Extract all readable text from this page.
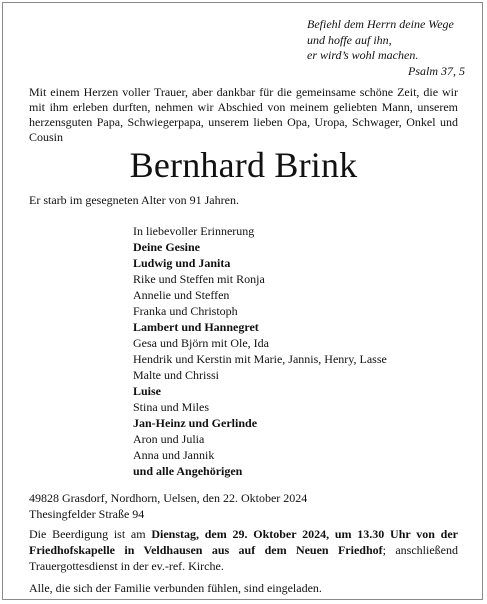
Befiehl dem Herrn deine Wege
und hoffe auf ihn,
er wird’s wohl machen.
Psalm 37, 5
Mit einem Herzen voller Trauer, aber dankbar für die gemeinsame schöne Zeit, die wir mit ihm erleben durften, nehmen wir Abschied von meinem geliebten Mann, unserem herzensguten Papa, Schwiegerpapa, unserem lieben Opa, Uropa, Schwager, Onkel und Cousin
Bernhard Brink
Er starb im gesegneten Alter von 91 Jahren.
In liebevoller Erinnerung
Deine Gesine
Ludwig und Janita
Rike und Steffen mit Ronja
Annelie und Steffen
Franka und Christoph
Lambert und Hannegret
Gesa und Björn mit Ole, Ida
Hendrik und Kerstin mit Marie, Jannis, Henry, Lasse
Malte und Chrissi
Luise
Stina und Miles
Jan-Heinz und Gerlinde
Aron und Julia
Anna und Jannik
und alle Angehörigen
49828 Grasdorf, Nordhorn, Uelsen, den 22. Oktober 2024
Thesingfelder Straße 94
Die Beerdigung ist am Dienstag, dem 29. Oktober 2024, um 13.30 Uhr von der Friedhofskapelle in Veldhausen aus auf dem Neuen Friedhof; anschließend Trauergottesdienst in der ev.-ref. Kirche.
Alle, die sich der Familie verbunden fühlen, sind eingeladen.
